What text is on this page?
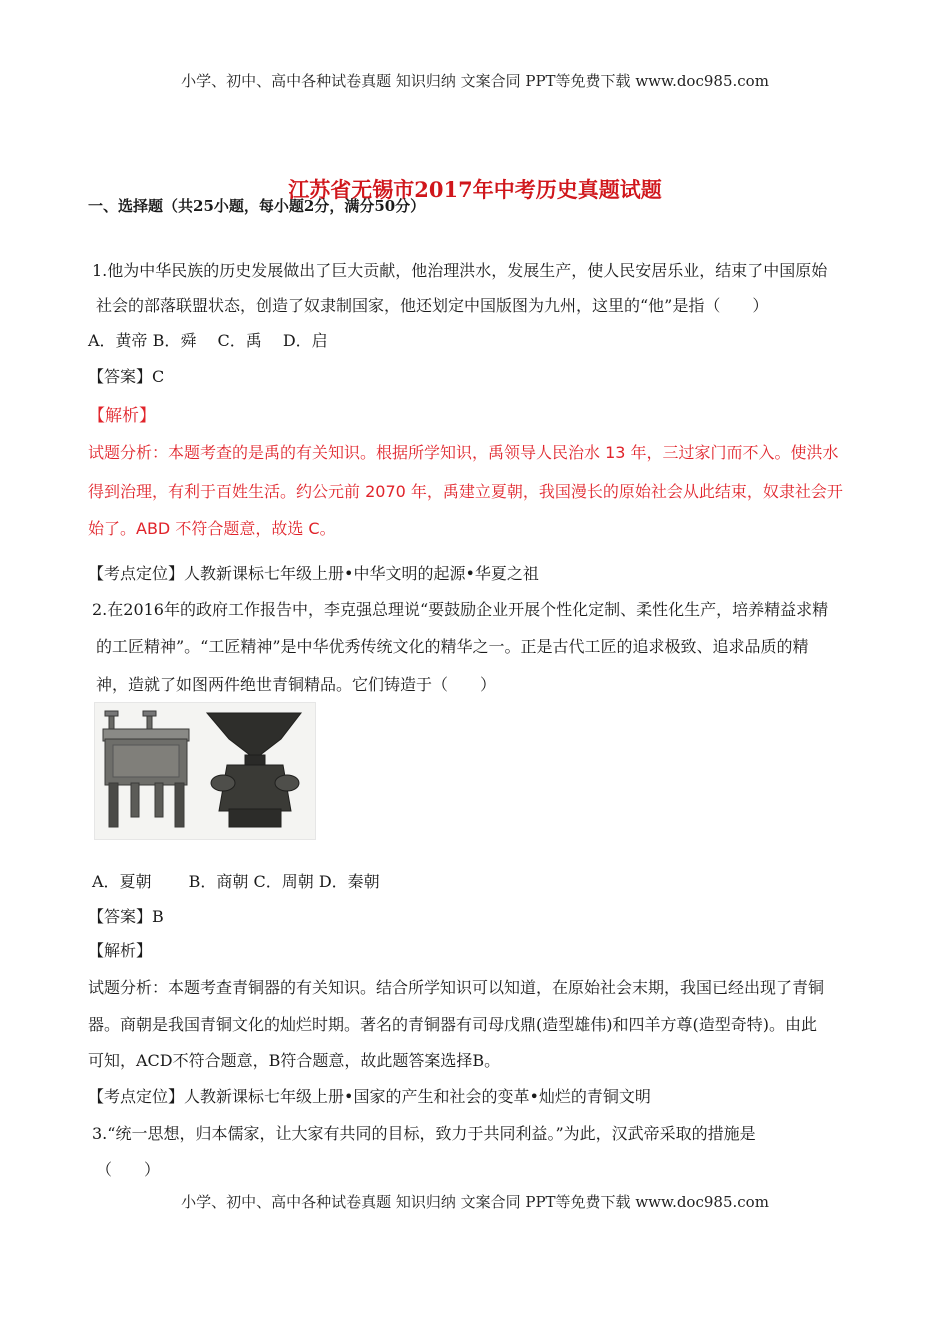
小学、初中、高中各种试卷真题 知识归纳 文案合同 PPT等免费下载 www.doc985.com
江苏省无锡市2017年中考历史真题试题
一、选择题（共25小题，每小题2分，满分50分）
1.他为中华民族的历史发展做出了巨大贡献，他治理洪水，发展生产，使人民安居乐业，结束了中国原始
社会的部落联盟状态，创造了奴隶制国家，他还划定中国版图为九州，这里的“他”是指（　　）
A．黄帝 B．舜　 C．禹　 D．启
【答案】C
【解析】
试题分析：本题考查的是禹的有关知识。根据所学知识，禹领导人民治水 13 年，三过家门而不入。使洪水
得到治理，有利于百姓生活。约公元前 2070 年，禹建立夏朝，我国漫长的原始社会从此结束，奴隶社会开
始了。ABD 不符合题意，故选 C。
【考点定位】人教新课标七年级上册•中华文明的起源•华夏之祖
2.在2016年的政府工作报告中，李克强总理说“要鼓励企业开展个性化定制、柔性化生产，培养精益求精
的工匠精神”。“工匠精神”是中华优秀传统文化的精华之一。正是古代工匠的追求极致、追求品质的精
神，造就了如图两件绝世青铜精品。它们铸造于（　　）
A．夏朝　　 B．商朝 C．周朝 D．秦朝
【答案】B
【解析】
试题分析：本题考查青铜器的有关知识。结合所学知识可以知道，在原始社会末期，我国已经出现了青铜
器。商朝是我国青铜文化的灿烂时期。著名的青铜器有司母戊鼎(造型雄伟)和四羊方尊(造型奇特)。由此
可知，ACD不符合题意，B符合题意，故此题答案选择B。
【考点定位】人教新课标七年级上册•国家的产生和社会的变革•灿烂的青铜文明
3.“统一思想，归本儒家，让大家有共同的目标，致力于共同利益。”为此，汉武帝采取的措施是
（　　）
小学、初中、高中各种试卷真题 知识归纳 文案合同 PPT等免费下载 www.doc985.com
